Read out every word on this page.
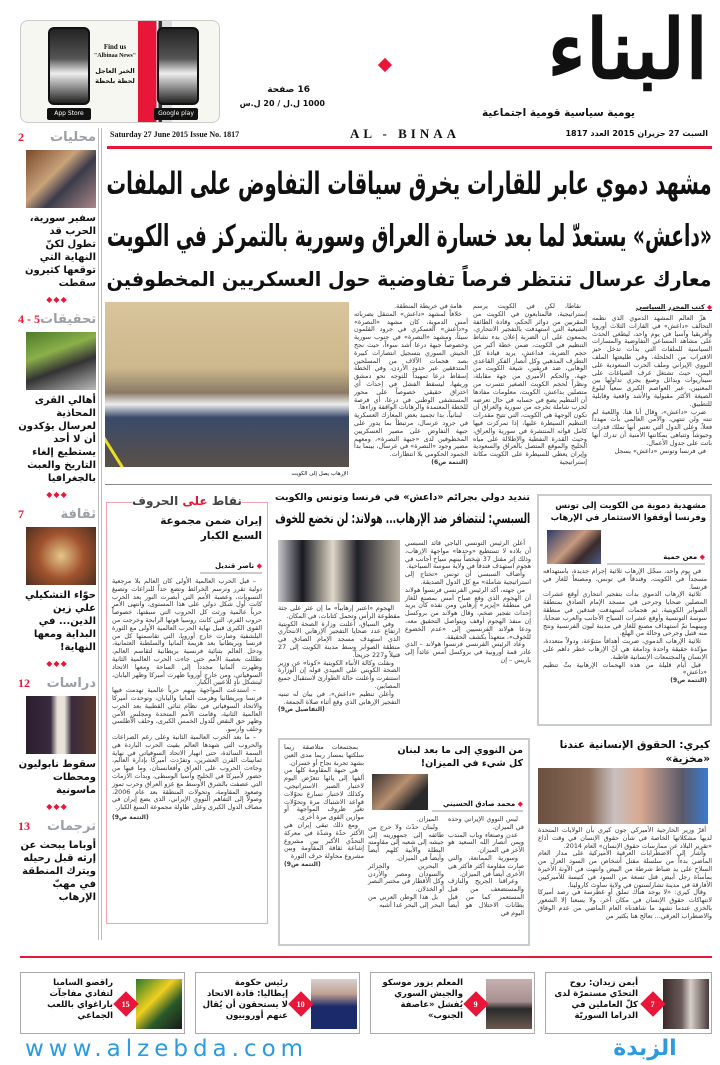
Find us
"Albinaa News"
الخبر العاجل
لحظة بلحظة
App Store	Google play
16 صفحة
1000 ل.ل / 20 ل.س
البناء
يومية سياسية قومية اجتماعية
Saturday 27 June 2015 Issue No. 1817	AL - BINAA	السبت 27 حزيران 2015 العدد 1817
2 محليات
سفير سورية، الحرب قد تطول لكنّ النهاية التي توقعها كثيرون سقطت
◆◆◆
4 - 5 تحقيقات
أهالي القرى المحاذية لعرسال يؤكدون أن لا أحد يستطيع إلغاء التاريخ والعبث بالجغرافيا
◆◆◆
7	ثقافة
حوّاء التشكيلي علي زين الدين... في البداية ومعها النهاية!
◆◆◆
12 دراسات
سقوط نابوليون ومحطات ماسونية
◆◆◆
13 ترجمات
أوباما يبحث عن إرثه قبل رحيله ويترك المنطقة في مهبّ الإرهاب
مشهد دموي عابر للقارات يخرق سياقات التفاوض على الملفات
«داعش» يستعدّ لما بعد خسارة العراق وسورية بالتمركز في الكويت
معارك عرسال تنتظر فرصاً تفاوضية حول العسكريين المخطوفين
الإرهاب يصل إلى الكويت
◆ كتب المحرر السياسي

هزّ العالم المشهد الدموي الذي نظمه التحالف «داعش» في القارات الثلاث أوروبا وأفريقيا وآسيا في يوم واحد، ليطغى الحدث على مشاهد المساعي التفاوضية والمسارات السياسية للملفات التي بدأت تدخل حيز الاقتراب من الحلحلة، وفي طليعتها الملف النووي الإيراني وملف الحرب السعودية على اليمن، حيث تشتغل غرف الصياغات على سيناريوات وبدائل وصيغ يجري تداولها بين المعنيين، عبر العواصم الكبرى سعياً لبلوغ الصيغة الأكثر مقبولية والأشد واقعية وقابلية للتطبيق.

ضرب «داعش»، وقال أنا هنا، واللعبة لم تنته ولن تنتهي، والأمن العالمي بات مهدداً فعلاً، وعلى الدول التي تعتبر أنها تملك قدرات وجيوشاً وتتباهى بمكانتها الأمنية أن تدرك أنها باتت على جدول الأعمال.

في فرنسا وتونس «داعش» يسجل

نقاطاً، لكن في الكويت يرسم إستراتيجية، فالمتابعون في الكويت من المقربين من دوائر الحكم، وقادة الطائفة الشيعية التي استهدفت بالتفجير الانتحاري، يجمعون على أن الضربة إعلان بدء نشاط التنظيم في الكويت، ضمن خطة أكبر من حجم الضربة، فداعش، يريد قيادة كل التطرف المذهبي وكل أنصار الفكر القاعدي الوهابي، ضد فريقين، شيعة الكويت من جهة، والحكم الأميري من جهة مقابلة، ونظراً لحجم الكويت الصغير تتسرب من متصلين بداعش، الكويت، معلومات مفادها أن التنظيم يضع في حسابه في حال تعرضه لحرب شاملة تخرجه من سورية والعراق أن تكون الوجهة هي الكويت، التي تتيح مقدرات التنظيم السيطرة عليها، إذا تمركزت فيها كامل قواته المنتشرة في سورية والعراق، وحيث القدرة النفطية والإطلالة على مياه الخليج والموقع المتصل بالعراق والسعودية وإيران يعطي للسيطرة على الكويت مكانة إستراتيجية

هامة في خريطة المنطقة.

خلافاً لمشهد «داعش» المتنقل بضرباته أمس الدموية، كان مشهد «النصرة» و«داعش» العسكري في جرود القلمون سيئاً، ومشهد «النصرة» في جنوب سورية وخصوصاً جبهة درعا أشد سوءاً، حيث نجح الجيش السوري بتسجيل انتصارات كبيرة بصد هجمات الآلاف من المسلحين المتدفقين عبر حدود الأردن، وفي الخطة إسقاط درعا تمهيداً للتوجه نحو دمشق وريفها، ليسقط الفشل في إحداث أي اختراق حقيقي خصوصاً على محور المستشفى الوطني في درعا، أي فرصة للخطة المعتمدة والرهانات الواقفة وراءها.

لبنانياً، بدا تجميد بعض المعارك العسكرية في جرود عرسال، مرتبطاً بما يدور على جبهة التفاوض على مصير العسكريين المخطوفين لدى «جبهة النصرة»، ومعهم مصير وجود «النصرة» في عرسال، بينما بدا الجمود الحكومي بلا انتظارات.

(التتمة ص6)
نقاط على الحروف
إيران ضمن مجموعة السبع الكبار
◆ ناصر قنديل

– قبل الحرب العالمية الأولى كان العالم بلا مرجعية دولية تقرر وترسم الخرائط وتضع حداً للنزاعات وتصيغ التسويات، وعصبة الأمم التي أبصرت النور بعد الحرب كانت أول شكل دولي على هذا المستوى، وانتهى الأمر حرباً عالمية ورثت كل الحروب التي سبقتها، خصوصاً حروب القرم، التي كانت روسيا قوتها الرابحة وخرجت من القوى الكبرى قبيل نهاية الحرب العالمية الأولى مع الثورة البلشفية وصارت خارج أوروبا، التي تقاسمتها كل من فرنسا وبريطانيا بعد هزيمة ألمانيا والسلطنة العثمانية، ودخل العالم بثنائية فرنسية بريطانية لتقاسم العالم، تظللت بعصبة الأمم حتى جاءت الحرب العالمية الثانية وظهرت ألمانيا مجدداً إلى الساحة ومعها الاتحاد السوفياتي، ومن خارج أوروبا ظهرت أميركا وظهر اليابان، ليتشكل نادٍ للاعبين الكبار.

– استدعت المواجهة بينهم حرباً عالمية تهدمت فيها فرنسا وبريطانيا وهزمت ألمانيا واليابان، وتوحدت أميركا والاتحاد السوفياتي في نظام ثنائي القطبية بعد الحرب العالمية الثانية، وقامت الأمم المتحدة ومجلس الأمن وظهر حق النقض للدول الخمس الكبرى، وحلف الأطلسي وحلف وارسو.

– ما بعد الحرب العالمية الثانية وعلى رغم الصراعات والحروب التي شهدها العالم بقيت الحرب الباردة هي السمة السائدة، حتى انهيار الاتحاد السوفياتي في نهاية ثمانينات القرن العشرين، وتفرّدت أميركا بإدارة العالم، وجاءت الحروب على العراق وأفغانستان، وما فيها من حضور لأميركا في الخليج وآسيا الوسطى، وبدأت الأزمات التي عصفت بالشرق الأوسط مع غزو العراق وحرب تموز وصعود المقاومة، وتحولات المنطقة بعد عام 2006، وصولاً إلى التفاهم النووي الإيراني، الذي يضع إيران في مصاف الدول الكبرى وعلى طاولة مجموعة السبع الكبار.

(التتمة ص9)
تنديد دولي بجرائم «داعش» في فرنسا وتونس والكويت
السبسي: لنتضافر ضد الإرهاب... هولاند: لن نخضع للخوف

أعلن الرئيس التونسي الباجي قائد السبسي أن بلاده لا تستطيع «وحدها» مواجهة الإرهاب، وذلك إثر مقتل 37 شخصاً بينهم سياح أجانب في هجوم استهدف فندقاً في ولاية سوسة السياحية.

وأضاف السبسي أن تونس «تحتاج إلى استراتيجية شاملة» مع كل الدول الصديقة.

من جهته، أكد الرئيس الفرنسي فرنسوا هولاند أن الهجوم الذي وقع صباح أمس بمصنع للغاز في منطقة «إيزير» إرهابي ومن نفذه كان يريد إحداث تفجير ضخم، وقال هولاند من بروكسل إن منفذ الهجوم أوقف ويتواصل التحقيق معه، ودعا هولاند الفرنسيين إلى «عدم الخضوع للخوف»، متعهداً بكشف الحقيقة.

وعاد الرئيس الفرنسي فرنسوا هولاند – الذي غادر قمة أوروبية في بروكسل أمس عائداً إلى باريس – إن

الهجوم «اعتبر إرهابياً» ما إن عثر على جثة مقطوعة الرأس وتحمل كتابات، في المكان.

وفي السياق، أعلنت وزارة الصحة الكويتية ارتفاع عدد ضحايا التفجير الإرهابي الانتحاري الذي استهدف مسجد الإمام الصادق في منطقة الصوابر وسط مدينة الكويت إلى 27 قتيلاً و227 جريحاً.

ونقلت وكالة الأنباء الكويتية «كونا» عن وزير الصحة الكويتي علي العبيدي قوله إن الوزارة استنفرت وأعلنت حالة الطوارئ لاستقبال جميع المصابين.

وأعلن تنظيم «داعش»، في بيان له تبنيه التفجير الإرهابي الذي وقع أثناء صلاة الجمعة.

(التفاصيل ص9)
مشهدية دموية من الكويت إلى تونس وفرنسا أوقفوا الاستثمار في الإرهاب
◆ معن حمية

في يوم واحد، سجّل الإرهاب ثلاثية إجرام جديدة، باستهدافه مسجداً في الكويت، وفندقاً في تونس، ومصنعاً للغاز في فرنسا.

ثلاثية الإرهاب الدموي بدأت بتفجير انتحاري أوقع عشرات المصلين ضحايا وجرحى في مسجد الإمام الصادق بمنطقة الصوابر الكويتية، ثم هجمات استهدفت فندقين في منطقة سوسة التونسية وأوقع عشرات السياح الأجانب والعرب ضحايا، وبينهما تمّ استهداف مصنع للغاز في مدينة ليون الفرنسية ونتج منه قتيل وجرحى وحالة من الهلع.

ثلاثية الإرهاب الدموي، ضربت أهدافاً متنوّعة، ودولاً متعددة، مؤكدة حقيقة واحدة ودامغة هي أنّ الإرهاب خطر داهم على الإنسان والمجتمعات الإنسانية قاطبة.

قبل أيام قليلة من هذه الهجمات الإرهابية بثّ تنظيم «داعش»

(التتمة ص9)
من النووي إلى ما بعد لبنان كل شيء في الميزان!
◆ محمد صادق الحسيني

ليس النووي الإيراني وحده في الميزان.

عدن وصنعاء وباب المندب ويمن أنصار الله السعيد هو الآخر في الميزان.

وسورية الممانعة، والتي صارت مقاومة أكثر فأكثر هي الأخرى أيضاً في الميزان.

وعراقنا الجريح والنازف والمستضعف من قبل المستعمر كما من قبل بطانات الاحتلال هو أيضاً اليوم في

الميزان.

ولبنان حدّث ولا حرج من طائفه إلى جمهوريته إلى جيشه إلى شعبه إلى مقاومته البطلة والأبية كلهم أيضاً وأيضاً في الميزان.

البحرين والجزائر والسودان ومصر والأردن وكل الأقطار في مختبر النصر أو الخذلان.

بل هذا الوطن العربي من البحر إلى البحر غدا أشبه

بمجتمعات متلاصقة ربما سلكتها بمسار ربما مدى العين بشهد تجربة نجاح أو خسران.

هي جبهة المقاومة كلها من ألفها إلى يائها تتعرّض اليوم لاختبار الصبر الاستراتيجي، وكذلك لاختبار تسارع تحوّلات قواعد الاشتباك مرة وتحوّلات تغيّر ظروف المواجهة أو موازين القوى مرة أخرى.

ومع ذلك تبقى إيران هي الأكثر حدّة وشدّة في معركة التحدّي الأكبر بين مشروع إشاعة ثقافة المقاومة وبين مشروع محاولة حرف الثورة

(التتمة ص9)
كيري: الحقوق الإنسانية عندنا «مخزية»

أقرّ وزير الخارجية الأميركي جون كيري بأن الولايات المتحدة لديها مشكلاتها الخاصة في شأن حقوق الإنسان في وقت أذاع «تقرير البلاد عن ممارسات حقوق الإنسان» العام 2014.

وأشار إلى الاضطرابات العرقية الأميركية على مدار العام الماضي بدءاً من سلسلة مقتل أشخاص من السود العزل من السلاح على يد ضباط شرطة من البيض وانتهت في الآونة الأخيرة بمأساة رجل أبيض قتل تسعة من السود في كنيسة للأميركيين الأفارقة في مدينة تشارلستون في ولاية ساوث كارولينا.

وقال كيري: «لا يوجد هناك تملق أو غطرسة في رصد أميركا لانتهاكات حقوق الإنسان في مكان آخر، ولا يسعنا إلا الشعور بالخزي عندما نشهد ما شاهدناه العام الماضي من عدم الوفاق والاضطراب العرقي... تعالج هنا بكثير من

15
راقصو السامبا لتفادي مفاجآت باراغواي باللعب الجماعي
10
رئيس حكومة إيطاليا: قادة الاتحاد لا يستحقون أن يُقال عنهم أوروبيون
9
المعلم يزور موسكو والجيش السوري يُفشل «عاصفة الجنوب»
7
أيمن زيدان: روح التحدّي مستمرّة لدى كلّ العاملين في الدراما السوريّة
www.alzebda.com	الزبدة
